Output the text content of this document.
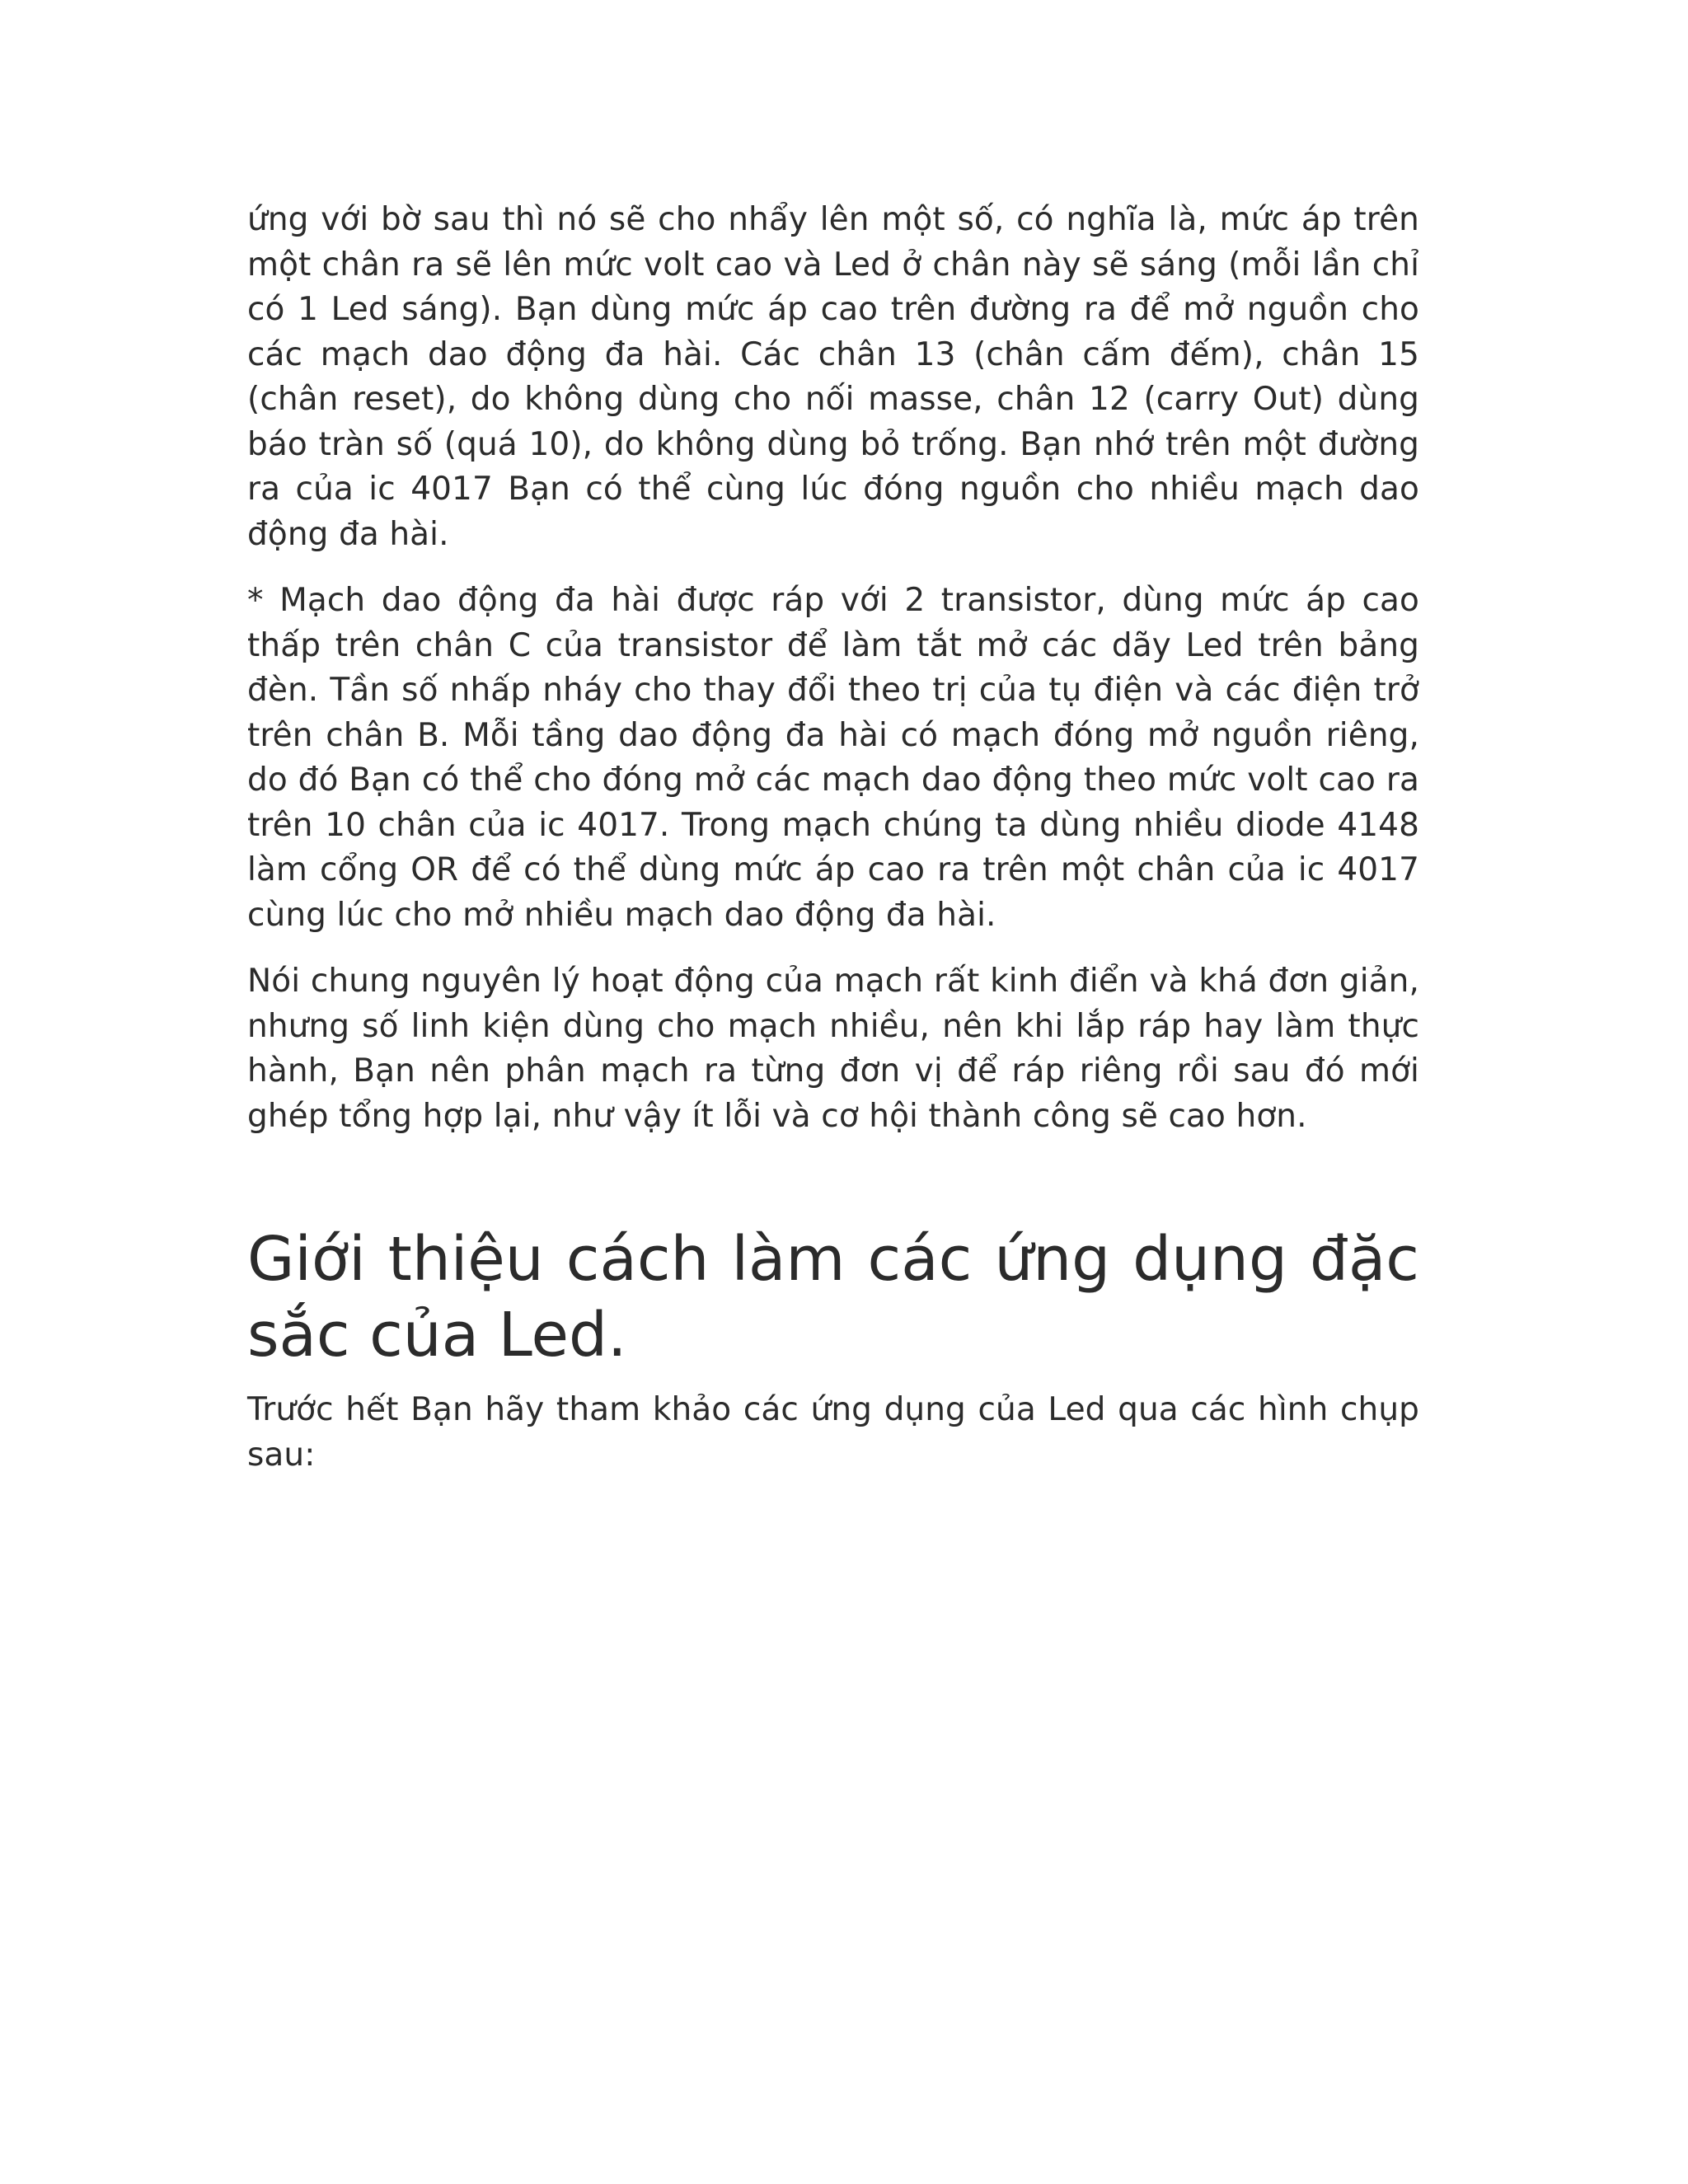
ứng với bờ sau thì nó sẽ cho nhẩy lên một số, có nghĩa là, mức áp trên một chân ra sẽ lên mức volt cao và Led ở chân này sẽ sáng (mỗi lần chỉ có 1 Led sáng). Bạn dùng mức áp cao trên đường ra để mở nguồn cho các mạch dao động đa hài. Các chân 13 (chân cấm đếm), chân 15 (chân reset), do không dùng cho nối masse, chân 12 (carry Out) dùng báo tràn số (quá 10), do không dùng bỏ trống. Bạn nhớ trên một đường ra của ic 4017 Bạn có thể cùng lúc đóng nguồn cho nhiều mạch dao động đa hài.

* Mạch dao động đa hài được ráp với 2 transistor, dùng mức áp cao thấp trên chân C của transistor để làm tắt mở các dãy Led trên bảng đèn. Tần số nhấp nháy cho thay đổi theo trị của tụ điện và các điện trở trên chân B. Mỗi tầng dao động đa hài có mạch đóng mở nguồn riêng, do đó Bạn có thể cho đóng mở các mạch dao động theo mức volt cao ra trên 10 chân của ic 4017. Trong mạch chúng ta dùng nhiều diode 4148 làm cổng OR để có thể dùng mức áp cao ra trên một chân của ic 4017 cùng lúc cho mở nhiều mạch dao động đa hài.

Nói chung nguyên lý hoạt động của mạch rất kinh điển và khá đơn giản, nhưng số linh kiện dùng cho mạch nhiều, nên khi lắp ráp hay làm thực hành, Bạn nên phân mạch ra từng đơn vị để ráp riêng rồi sau đó mới ghép tổng hợp lại, như vậy ít lỗi và cơ hội thành công sẽ cao hơn.

Giới thiệu cách làm các ứng dụng đặc sắc của Led.

Trước hết Bạn hãy tham khảo các ứng dụng của Led qua các hình chụp sau:
